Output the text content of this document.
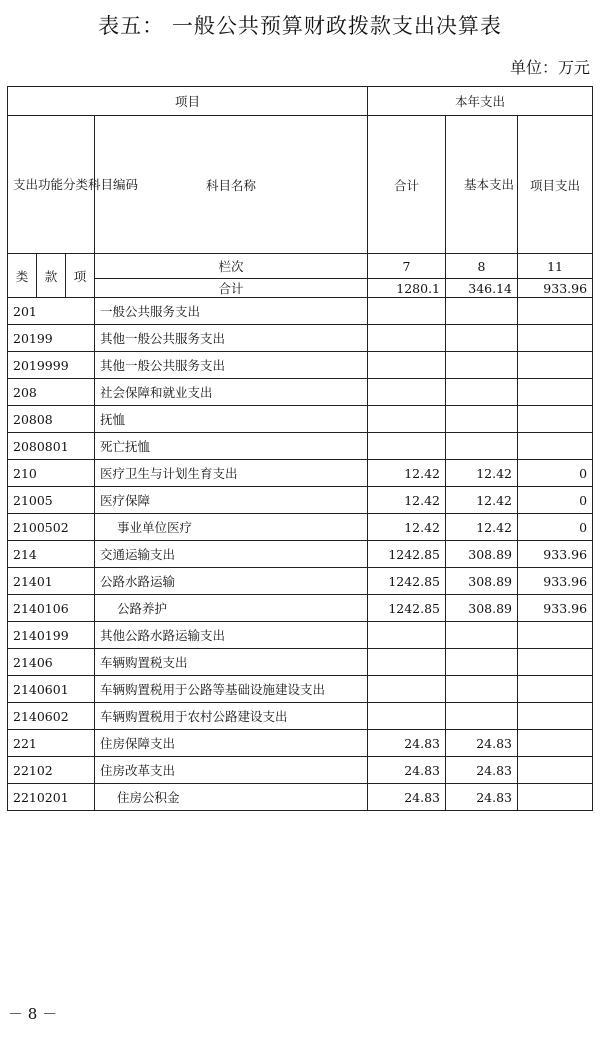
表五： 一般公共预算财政拨款支出决算表
单位：万元
项目				本年支出		
支出功能分类科目编码			科目名称	合计	基本支出	项目支出
类	款	项	栏次	7	8	11
			合计	1280.1	346.14	933.96
201			一般公共服务支出			
20199			其他一般公共服务支出			
2019999			其他一般公共服务支出			
208			社会保障和就业支出			
20808			抚恤			
2080801			死亡抚恤			
210			医疗卫生与计划生育支出	12.42	12.42	0
21005			医疗保障	12.42	12.42	0
2100502			事业单位医疗	12.42	12.42	0
214			交通运输支出	1242.85	308.89	933.96
21401			公路水路运输	1242.85	308.89	933.96
2140106			公路养护	1242.85	308.89	933.96
2140199			其他公路水路运输支出			
21406			车辆购置税支出			
2140601			车辆购置税用于公路等基础设施建设支出			
2140602			车辆购置税用于农村公路建设支出			
221			住房保障支出	24.83	24.83	
22102			住房改革支出	24.83	24.83	
2210201			住房公积金	24.83	24.83	
－ 8 －
